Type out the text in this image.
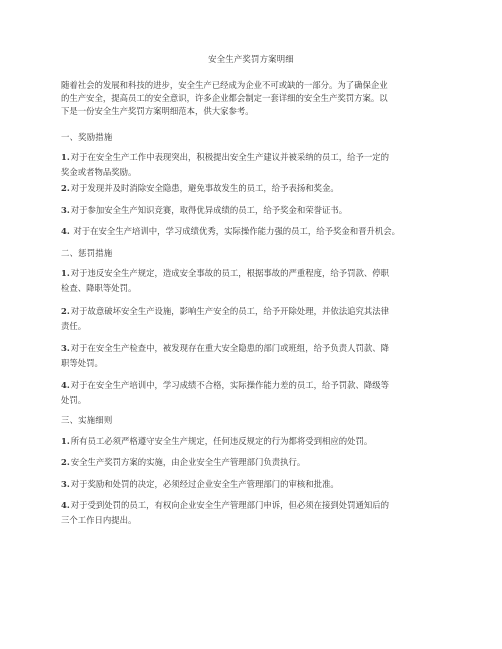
安全生产奖罚方案明细
随着社会的发展和科技的进步，安全生产已经成为企业不可或缺的一部分。为了确保企业
的生产安全，提高员工的安全意识，许多企业都会制定一套详细的安全生产奖罚方案。以
下是一份安全生产奖罚方案明细范本，供大家参考。
一、奖励措施
1.对于在安全生产工作中表现突出，积极提出安全生产建议并被采纳的员工，给予一定的
奖金或者物品奖励。
2.对于发现并及时消除安全隐患，避免事故发生的员工，给予表扬和奖金。
3.对于参加安全生产知识竞赛，取得优异成绩的员工，给予奖金和荣誉证书。
4. 对于在安全生产培训中，学习成绩优秀，实际操作能力强的员工，给予奖金和晋升机会。
二、惩罚措施
1.对于违反安全生产规定，造成安全事故的员工，根据事故的严重程度，给予罚款、停职
检查、降职等处罚。
2.对于故意破坏安全生产设施，影响生产安全的员工，给予开除处理，并依法追究其法律
责任。
3.对于在安全生产检查中，被发现存在重大安全隐患的部门或班组，给予负责人罚款、降
职等处罚。
4.对于在安全生产培训中，学习成绩不合格，实际操作能力差的员工，给予罚款、降级等
处罚。
三、实施细则
1.所有员工必须严格遵守安全生产规定，任何违反规定的行为都将受到相应的处罚。
2.安全生产奖罚方案的实施，由企业安全生产管理部门负责执行。
3.对于奖励和处罚的决定，必须经过企业安全生产管理部门的审核和批准。
4.对于受到处罚的员工，有权向企业安全生产管理部门申诉，但必须在接到处罚通知后的
三个工作日内提出。
